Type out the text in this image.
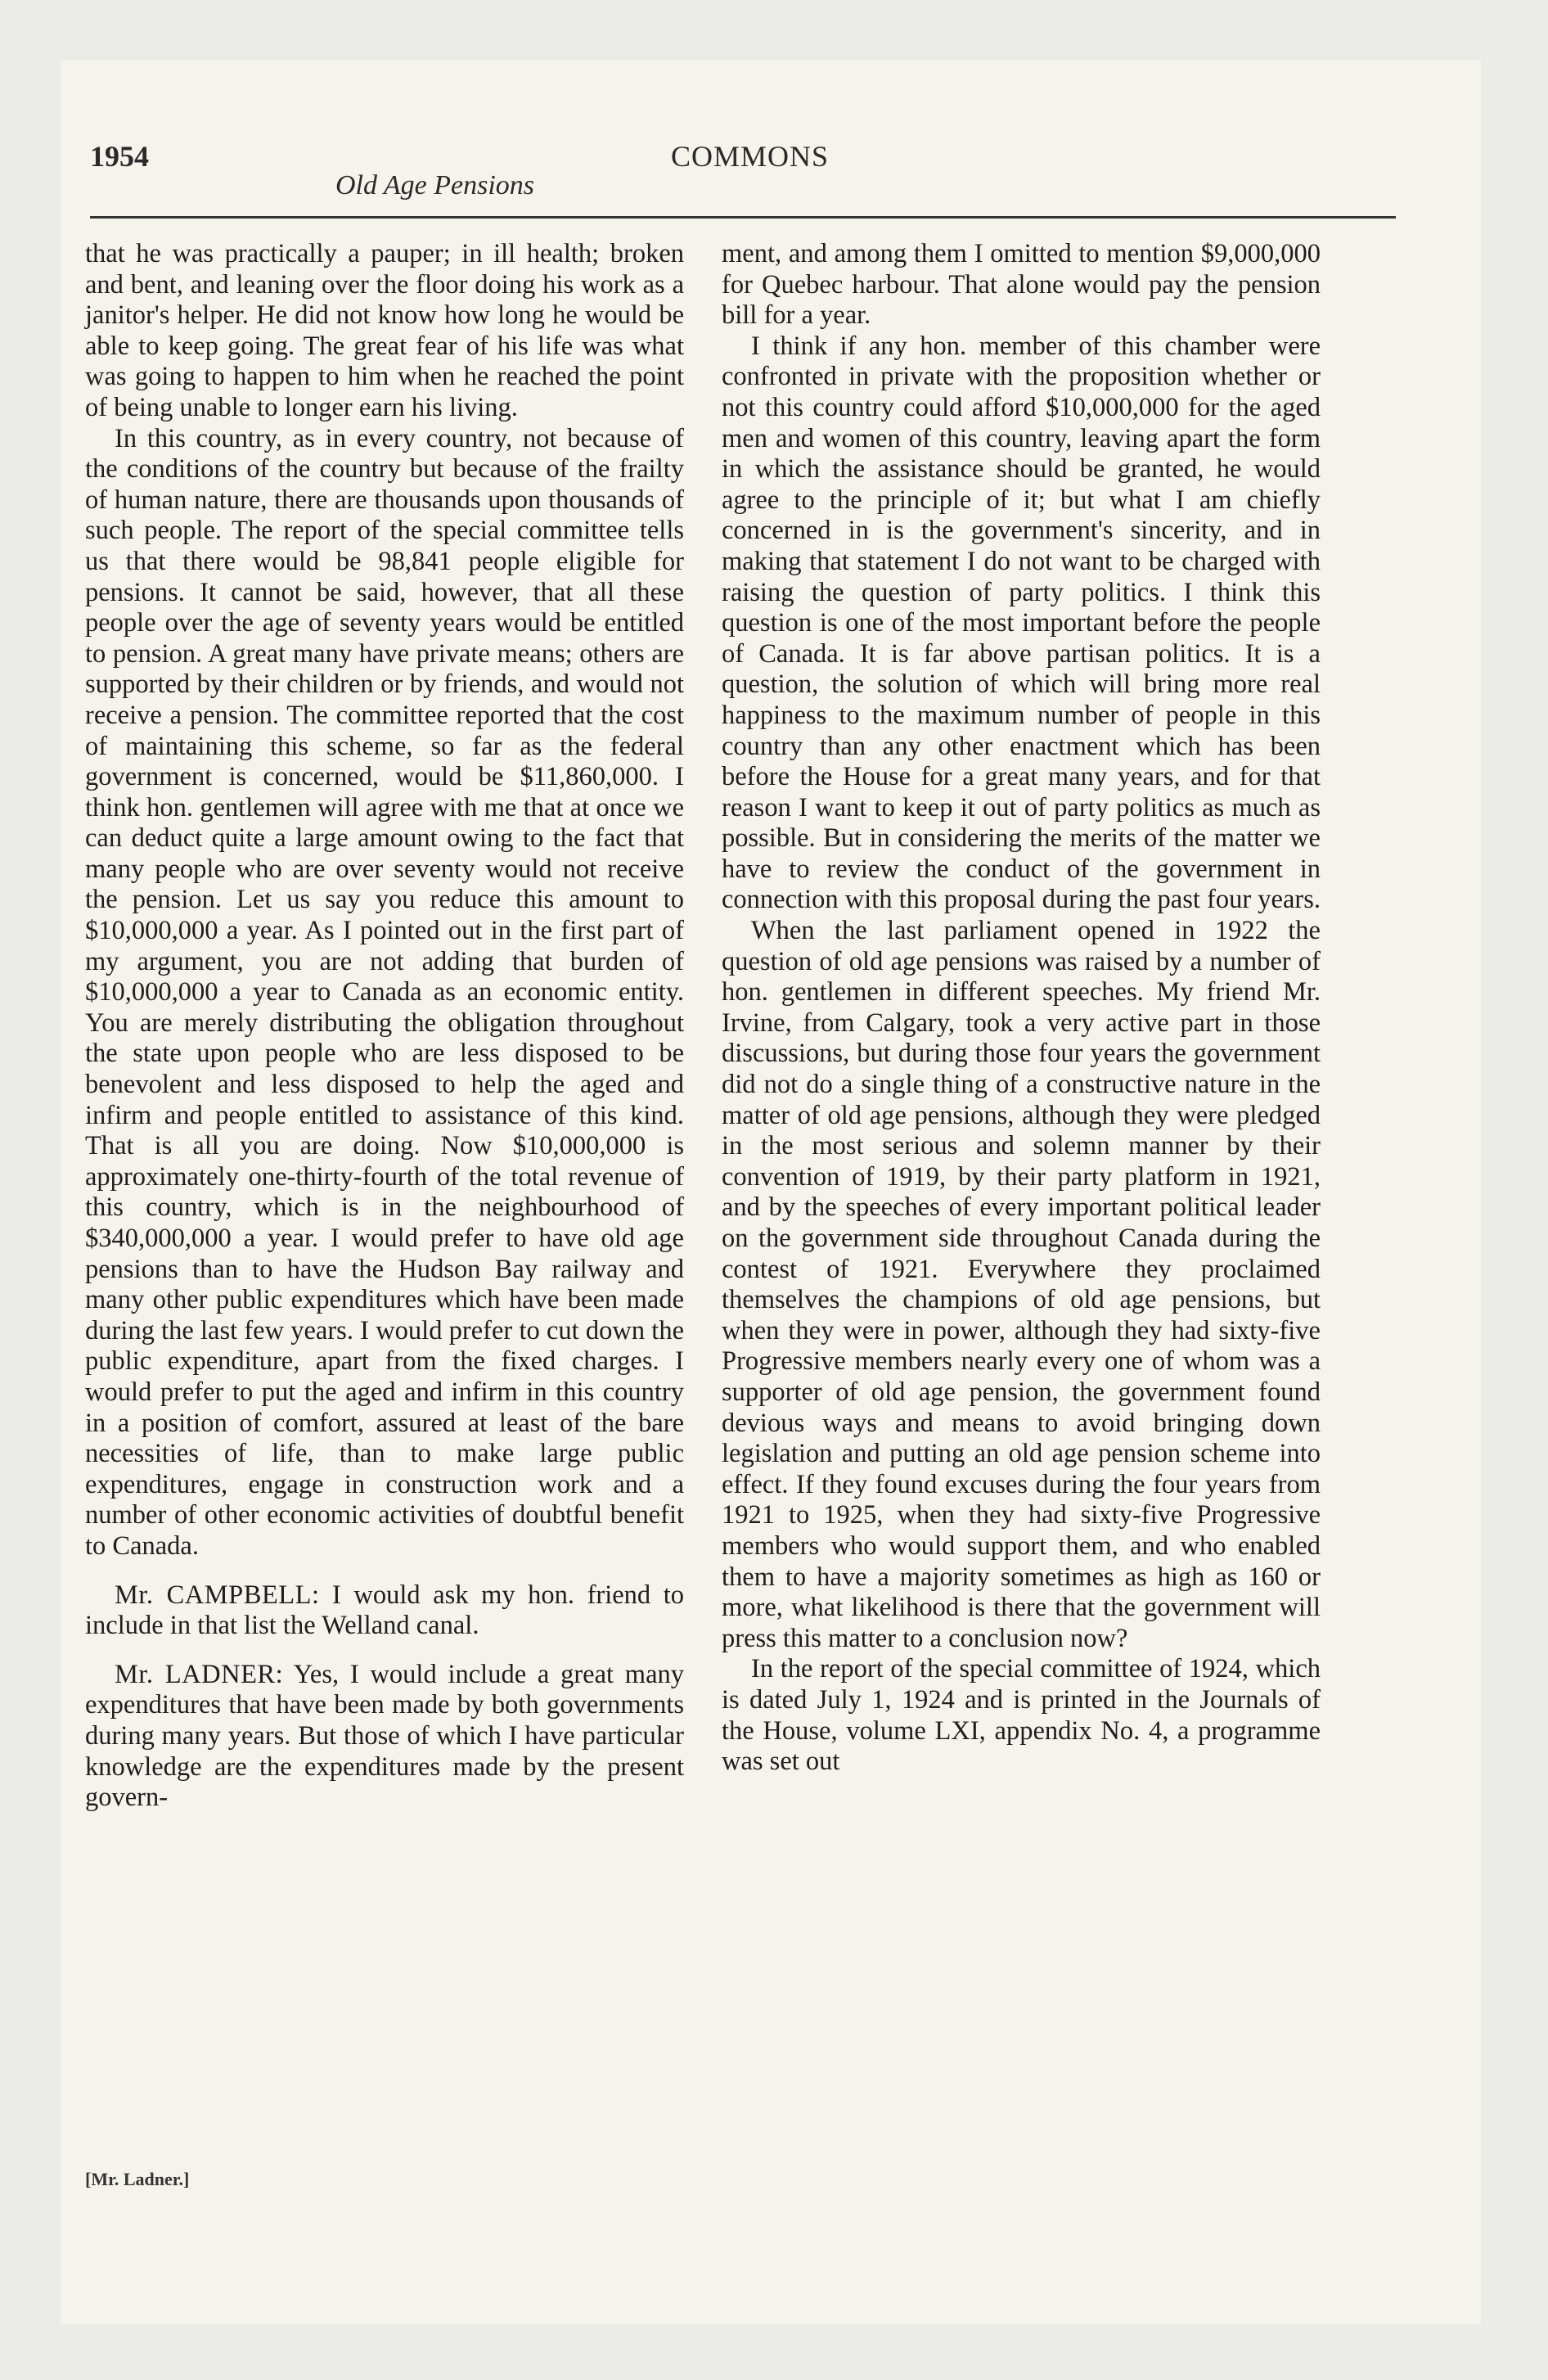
1954	COMMONS
Old Age Pensions

that he was practically a pauper; in ill health; broken and bent, and leaning over the floor doing his work as a janitor's helper. He did not know how long he would be able to keep going. The great fear of his life was what was going to happen to him when he reached the point of being unable to longer earn his living.

In this country, as in every country, not because of the conditions of the country but because of the frailty of human nature, there are thousands upon thousands of such people. The report of the special committee tells us that there would be 98,841 people eligible for pensions. It cannot be said, however, that all these people over the age of seventy years would be entitled to pension. A great many have private means; others are supported by their children or by friends, and would not receive a pension. The committee reported that the cost of maintaining this scheme, so far as the federal government is concerned, would be $11,860,000. I think hon. gentlemen will agree with me that at once we can deduct quite a large amount owing to the fact that many people who are over seventy would not receive the pension. Let us say you reduce this amount to $10,000,000 a year. As I pointed out in the first part of my argument, you are not adding that burden of $10,000,000 a year to Canada as an economic entity. You are merely distributing the obligation throughout the state upon people who are less disposed to be benevolent and less disposed to help the aged and infirm and people entitled to assistance of this kind. That is all you are doing. Now $10,000,000 is approximately one-thirty-fourth of the total revenue of this country, which is in the neighbourhood of $340,000,000 a year. I would prefer to have old age pensions than to have the Hudson Bay railway and many other public expenditures which have been made during the last few years. I would prefer to cut down the public expenditure, apart from the fixed charges. I would prefer to put the aged and infirm in this country in a position of comfort, assured at least of the bare necessities of life, than to make large public expenditures, engage in construction work and a number of other economic activities of doubtful benefit to Canada.

Mr. CAMPBELL: I would ask my hon. friend to include in that list the Welland canal.

Mr. LADNER: Yes, I would include a great many expenditures that have been made by both governments during many years. But those of which I have particular knowledge are the expenditures made by the present govern-

ment, and among them I omitted to mention $9,000,000 for Quebec harbour. That alone would pay the pension bill for a year.

I think if any hon. member of this chamber were confronted in private with the proposition whether or not this country could afford $10,000,000 for the aged men and women of this country, leaving apart the form in which the assistance should be granted, he would agree to the principle of it; but what I am chiefly concerned in is the government's sincerity, and in making that statement I do not want to be charged with raising the question of party politics. I think this question is one of the most important before the people of Canada. It is far above partisan politics. It is a question, the solution of which will bring more real happiness to the maximum number of people in this country than any other enactment which has been before the House for a great many years, and for that reason I want to keep it out of party politics as much as possible. But in considering the merits of the matter we have to review the conduct of the government in connection with this proposal during the past four years.

When the last parliament opened in 1922 the question of old age pensions was raised by a number of hon. gentlemen in different speeches. My friend Mr. Irvine, from Calgary, took a very active part in those discussions, but during those four years the government did not do a single thing of a constructive nature in the matter of old age pensions, although they were pledged in the most serious and solemn manner by their convention of 1919, by their party platform in 1921, and by the speeches of every important political leader on the government side throughout Canada during the contest of 1921. Everywhere they proclaimed themselves the champions of old age pensions, but when they were in power, although they had sixty-five Progressive members nearly every one of whom was a supporter of old age pension, the government found devious ways and means to avoid bringing down legislation and putting an old age pension scheme into effect. If they found excuses during the four years from 1921 to 1925, when they had sixty-five Progressive members who would support them, and who enabled them to have a majority sometimes as high as 160 or more, what likelihood is there that the government will press this matter to a conclusion now?

In the report of the special committee of 1924, which is dated July 1, 1924 and is printed in the Journals of the House, volume LXI, appendix No. 4, a programme was set out

[Mr. Ladner.]
